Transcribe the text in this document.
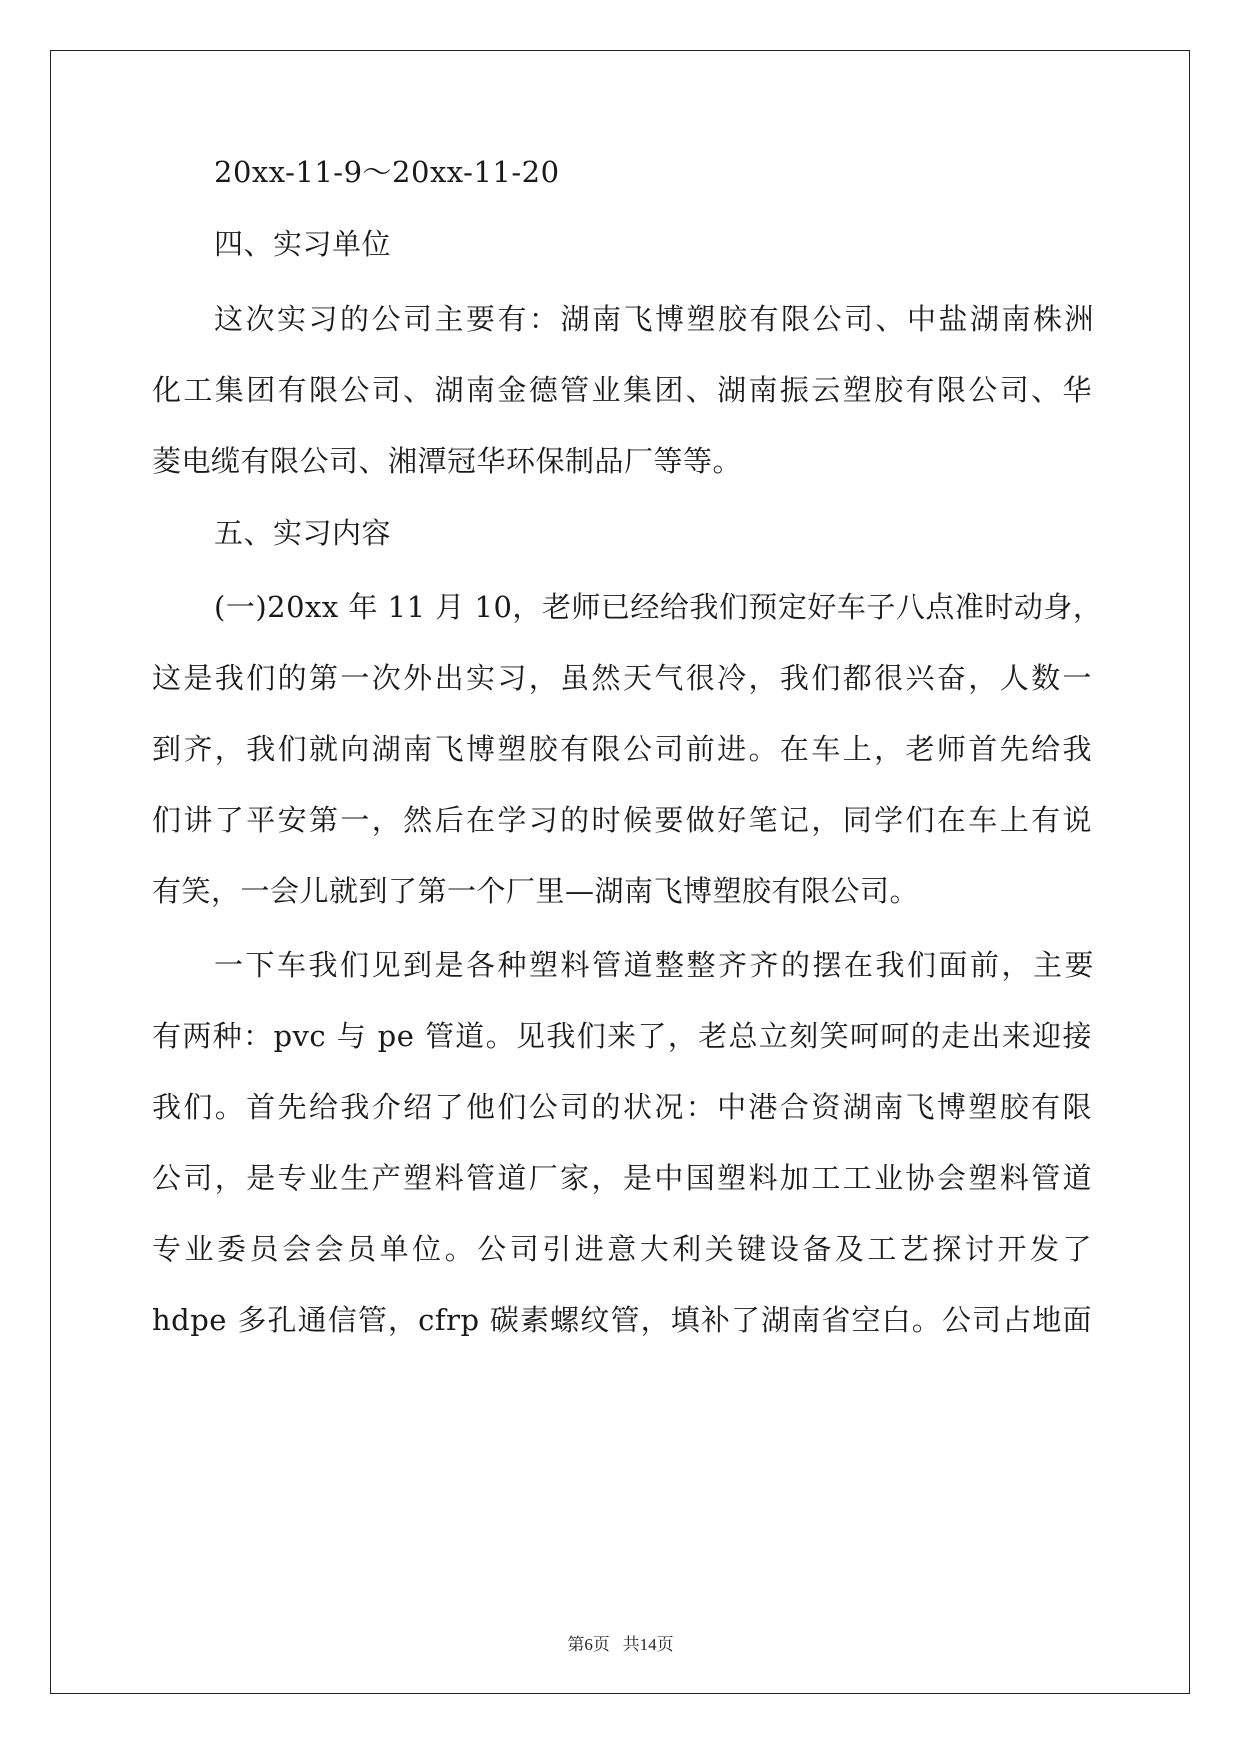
20xx-11-9～20xx-11-20
四、实习单位
这次实习的公司主要有：湖南飞博塑胶有限公司、中盐湖南株洲
化工集团有限公司、湖南金德管业集团、湖南振云塑胶有限公司、华
菱电缆有限公司、湘潭冠华环保制品厂等等。
五、实习内容
(一)20xx 年 11 月 10，老师已经给我们预定好车子八点准时动身，
这是我们的第一次外出实习，虽然天气很冷，我们都很兴奋，人数一
到齐，我们就向湖南飞博塑胶有限公司前进。在车上，老师首先给我
们讲了平安第一，然后在学习的时候要做好笔记，同学们在车上有说
有笑，一会儿就到了第一个厂里—湖南飞博塑胶有限公司。
一下车我们见到是各种塑料管道整整齐齐的摆在我们面前，主要
有两种：pvc 与 pe 管道。见我们来了，老总立刻笑呵呵的走出来迎接
我们。首先给我介绍了他们公司的状况：中港合资湖南飞博塑胶有限
公司，是专业生产塑料管道厂家，是中国塑料加工工业协会塑料管道
专业委员会会员单位。公司引进意大利关键设备及工艺探讨开发了
hdpe 多孔通信管，cfrp 碳素螺纹管，填补了湖南省空白。公司占地面
第6页 共14页
